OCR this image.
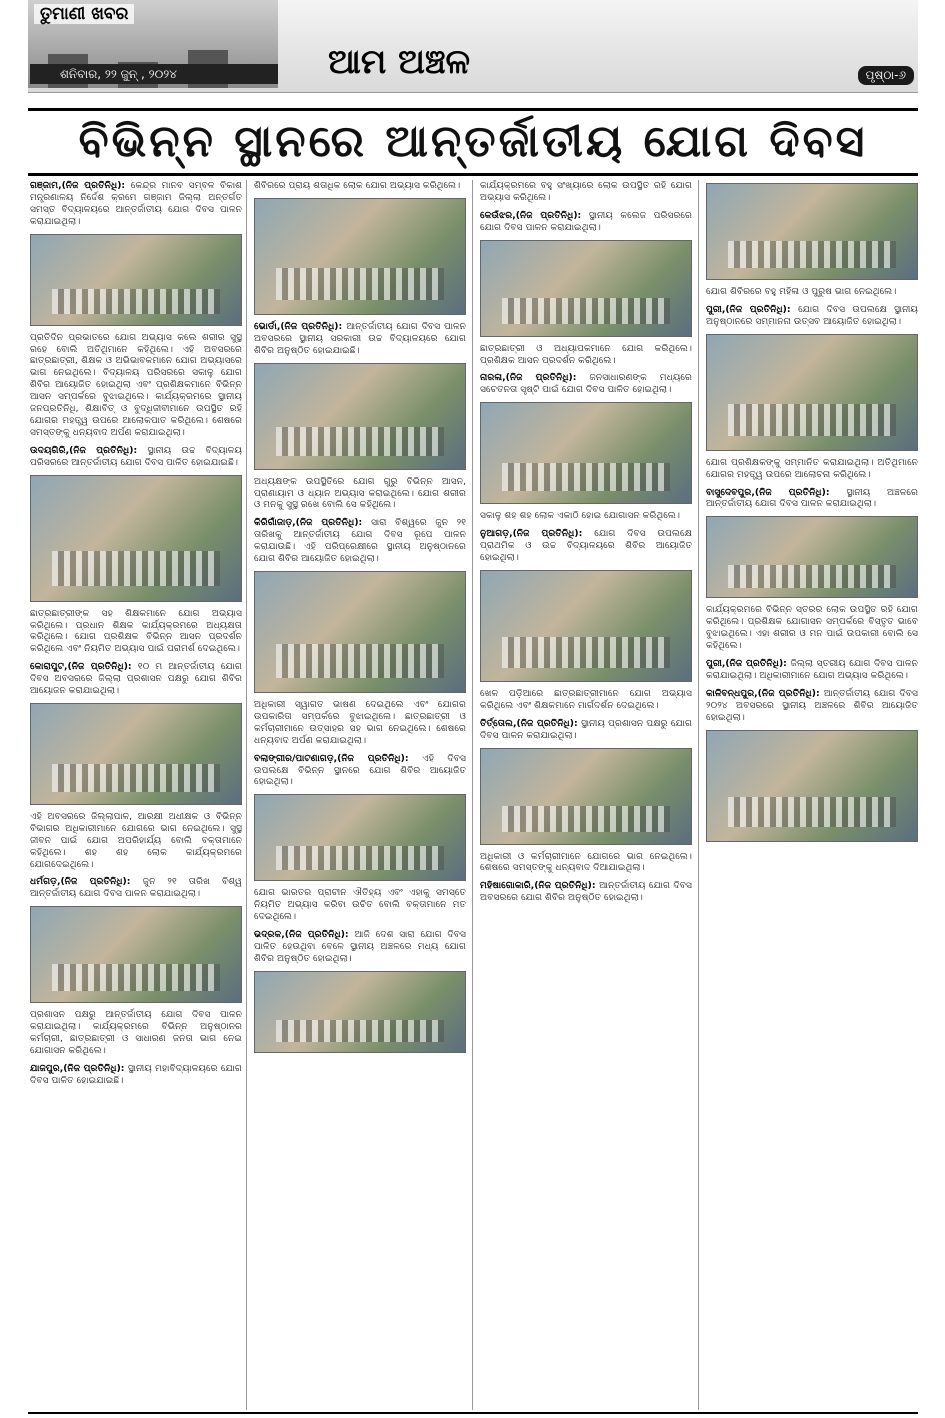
ତୁମାଣୀ ଖବର
ଶନିବାର, ୨୨ ଜୁନ୍ , ୨୦୨୪	ଆମ ଅଞ୍ଚଳ	ପୃଷ୍ଠା-୬
ବିଭିନ୍ନ ସ୍ଥାନରେ ଆନ୍ତର୍ଜାତୀୟ ଯୋଗ ଦିବସ

ଗଞ୍ଜାମ,(ନିଜ ପ୍ରତିନିଧି): କେନ୍ଦ୍ର ମାନବ ସମ୍ବଳ ବିକାଶ ମନ୍ତ୍ରଣାଳୟ ନିର୍ଦ୍ଦେଶ କ୍ରମେ ଗଞ୍ଜାମ ଜିଲ୍ଲା ଅନ୍ତର୍ଗତ ସମସ୍ତ ବିଦ୍ୟାଳୟରେ ଆନ୍ତର୍ଜାତୀୟ ଯୋଗ ଦିବସ ପାଳନ କରାଯାଇଥିଲା।

ପ୍ରତିଦିନ ପ୍ରଭାତରେ ଯୋଗ ଅଭ୍ୟାସ କଲେ ଶରୀର ସୁସ୍ଥ ରହେ ବୋଲି ଅତିଥିମାନେ କହିଥିଲେ। ଏହି ଅବସରରେ ଛାତ୍ରଛାତ୍ରୀ, ଶିକ୍ଷକ ଓ ଅଭିଭାବକମାନେ ଯୋଗ ଅଭ୍ୟାସରେ ଭାଗ ନେଇଥିଲେ। ବିଦ୍ୟାଳୟ ପରିସରରେ ସକାଳୁ ଯୋଗ ଶିବିର ଆୟୋଜିତ ହୋଇଥିଲା ଏବଂ ପ୍ରଶିକ୍ଷକମାନେ ବିଭିନ୍ନ ଆସନ ସମ୍ପର୍କରେ ବୁଝାଇଥିଲେ। କାର୍ଯ୍ୟକ୍ରମରେ ସ୍ଥାନୀୟ ଜନପ୍ରତିନିଧି, ଶିକ୍ଷାବିତ୍ ଓ ବୁଦ୍ଧିଜୀବୀମାନେ ଉପସ୍ଥିତ ରହି ଯୋଗର ମହତ୍ତ୍ୱ ଉପରେ ଆଲୋକପାତ କରିଥିଲେ। ଶେଷରେ ସମସ୍ତଙ୍କୁ ଧନ୍ୟବାଦ ଅର୍ପଣ କରାଯାଇଥିଲା।

ଉଦୟଗିରି,(ନିଜ ପ୍ରତିନିଧି): ସ୍ଥାନୀୟ ଉଚ୍ଚ ବିଦ୍ୟାଳୟ ପରିସରରେ ଆନ୍ତର୍ଜାତୀୟ ଯୋଗ ଦିବସ ପାଳିତ ହୋଇଯାଇଛି।

ଛାତ୍ରଛାତ୍ରୀଙ୍କ ସହ ଶିକ୍ଷକମାନେ ଯୋଗ ଅଭ୍ୟାସ କରିଥିଲେ। ପ୍ରଧାନ ଶିକ୍ଷକ କାର୍ଯ୍ୟକ୍ରମରେ ଅଧ୍ୟକ୍ଷତା କରିଥିଲେ। ଯୋଗ ପ୍ରଶିକ୍ଷକ ବିଭିନ୍ନ ଆସନ ପ୍ରଦର୍ଶନ କରିଥିଲେ ଏବଂ ନିୟମିତ ଅଭ୍ୟାସ ପାଇଁ ପରାମର୍ଶ ଦେଇଥିଲେ।

କୋରାପୁଟ,(ନିଜ ପ୍ରତିନିଧି): ୧୦ ମ ଆନ୍ତର୍ଜାତୀୟ ଯୋଗ ଦିବସ ଅବସରରେ ଜିଲ୍ଲା ପ୍ରଶାସନ ପକ୍ଷରୁ ଯୋଗ ଶିବିର ଆୟୋଜନ କରାଯାଇଥିଲା।

ଏହି ଅବସରରେ ଜିଲ୍ଲାପାଳ, ଆରକ୍ଷୀ ଅଧୀକ୍ଷକ ଓ ବିଭିନ୍ନ ବିଭାଗର ଅଧିକାରୀମାନେ ଯୋଗରେ ଭାଗ ନେଇଥିଲେ। ସୁସ୍ଥ ଜୀବନ ପାଇଁ ଯୋଗ ଅପରିହାର୍ଯ୍ୟ ବୋଲି ବକ୍ତାମାନେ କହିଥିଲେ। ଶହ ଶହ ଲୋକ କାର୍ଯ୍ୟକ୍ରମରେ ଯୋଗଦେଇଥିଲେ।

ଧର୍ମଗଡ଼,(ନିଜ ପ୍ରତିନିଧି): ଜୁନ ୨୧ ତାରିଖ ବିଶ୍ୱ ଆନ୍ତର୍ଜାତୀୟ ଯୋଗ ଦିବସ ପାଳନ କରାଯାଇଥିଲା।

ପ୍ରଶାସନ ପକ୍ଷରୁ ଆନ୍ତର୍ଜାତୀୟ ଯୋଗ ଦିବସ ପାଳନ କରାଯାଇଥିଲା। କାର୍ଯ୍ୟକ୍ରମରେ ବିଭିନ୍ନ ଅନୁଷ୍ଠାନର କର୍ମଚାରୀ, ଛାତ୍ରଛାତ୍ରୀ ଓ ସାଧାରଣ ଜନତା ଭାଗ ନେଇ ଯୋଗାସନ କରିଥିଲେ।

ଯାଜପୁର,(ନିଜ ପ୍ରତିନିଧି): ସ୍ଥାନୀୟ ମହାବିଦ୍ୟାଳୟରେ ଯୋଗ ଦିବସ ପାଳିତ ହୋଇଯାଇଛି।

ଶିବିରରେ ପ୍ରାୟ ଶତାଧିକ ଲୋକ ଯୋଗ ଅଭ୍ୟାସ କରିଥିଲେ।

ଭୋର୍ଡା,(ନିଜ ପ୍ରତିନିଧି): ଆନ୍ତର୍ଜାତୀୟ ଯୋଗ ଦିବସ ପାଳନ ଅବସରରେ ସ୍ଥାନୀୟ ସରକାରୀ ଉଚ୍ଚ ବିଦ୍ୟାଳୟରେ ଯୋଗ ଶିବିର ଅନୁଷ୍ଠିତ ହୋଇଯାଇଛି।

ଅଧ୍ୟକ୍ଷଙ୍କ ଉପସ୍ଥିତିରେ ଯୋଗ ଗୁରୁ ବିଭିନ୍ନ ଆସନ, ପ୍ରାଣାୟାମ ଓ ଧ୍ୟାନ ଅଭ୍ୟାସ କରାଇଥିଲେ। ଯୋଗ ଶରୀର ଓ ମନକୁ ସୁସ୍ଥ ରଖେ ବୋଲି ସେ କହିଥିଲେ।

କିରିଗାଁଜାଡ଼,(ନିଜ ପ୍ରତିନିଧି): ସାରା ବିଶ୍ୱରେ ଜୁନ ୨୧ ତାରିଖକୁ ଆନ୍ତର୍ଜାତୀୟ ଯୋଗ ଦିବସ ରୂପେ ପାଳନ କରାଯାଉଛି। ଏହି ପରିପ୍ରେକ୍ଷୀରେ ସ୍ଥାନୀୟ ଅନୁଷ୍ଠାନରେ ଯୋଗ ଶିବିର ଆୟୋଜିତ ହୋଇଥିଲା।

ଅଧିକାରୀ ସ୍ୱାଗତ ଭାଷଣ ଦେଇଥିଲେ ଏବଂ ଯୋଗର ଉପକାରିତା ସମ୍ପର୍କରେ ବୁଝାଇଥିଲେ। ଛାତ୍ରଛାତ୍ରୀ ଓ କର୍ମଚାରୀମାନେ ଉତ୍ସାହର ସହ ଭାଗ ନେଇଥିଲେ। ଶେଷରେ ଧନ୍ୟବାଦ ଅର୍ପଣ କରାଯାଇଥିଲା।

ବଲାଙ୍ଗୀର/ପାଟଣାଗଡ଼,(ନିଜ ପ୍ରତିନିଧି): ଏହି ଦିବସ ଉପଲକ୍ଷେ ବିଭିନ୍ନ ସ୍ଥାନରେ ଯୋଗ ଶିବିର ଆୟୋଜିତ ହୋଇଥିଲା।

ଯୋଗ ଭାରତର ପ୍ରାଚୀନ ଐତିହ୍ୟ ଏବଂ ଏହାକୁ ସମସ୍ତେ ନିୟମିତ ଅଭ୍ୟାସ କରିବା ଉଚିତ ବୋଲି ବକ୍ତାମାନେ ମତ ଦେଇଥିଲେ।

ଭଦ୍ରକ,(ନିଜ ପ୍ରତିନିଧି): ଆଜି ଦେଶ ସାରା ଯୋଗ ଦିବସ ପାଳିତ ହେଉଥିବା ବେଳେ ସ୍ଥାନୀୟ ଅଞ୍ଚଳରେ ମଧ୍ୟ ଯୋଗ ଶିବିର ଅନୁଷ୍ଠିତ ହୋଇଥିଲା।

କାର୍ଯ୍ୟକ୍ରମରେ ବହୁ ସଂଖ୍ୟାରେ ଲୋକ ଉପସ୍ଥିତ ରହି ଯୋଗ ଅଭ୍ୟାସ କରିଥିଲେ।

କେଉଁଝର,(ନିଜ ପ୍ରତିନିଧି): ସ୍ଥାନୀୟ କଲେଜ ପରିସରରେ ଯୋଗ ଦିବସ ପାଳନ କରାଯାଇଥିଲା।

ଛାତ୍ରଛାତ୍ରୀ ଓ ଅଧ୍ୟାପକମାନେ ଯୋଗ କରିଥିଲେ। ପ୍ରଶିକ୍ଷକ ଆସନ ପ୍ରଦର୍ଶନ କରିଥିଲେ।

ନାରଳା,(ନିଜ ପ୍ରତିନିଧି): ଜନସାଧାରଣଙ୍କ ମଧ୍ୟରେ ସଚେତନତା ସୃଷ୍ଟି ପାଇଁ ଯୋଗ ଦିବସ ପାଳିତ ହୋଇଥିଲା।

ସକାଳୁ ଶହ ଶହ ଲୋକ ଏକାଠି ହୋଇ ଯୋଗାସନ କରିଥିଲେ।

ନୁଆଗଡ଼,(ନିଜ ପ୍ରତିନିଧି): ଯୋଗ ଦିବସ ଉପଲକ୍ଷେ ପ୍ରାଥମିକ ଓ ଉଚ୍ଚ ବିଦ୍ୟାଳୟରେ ଶିବିର ଆୟୋଜିତ ହୋଇଥିଲା।

ଖେଳ ପଡ଼ିଆରେ ଛାତ୍ରଛାତ୍ରୀମାନେ ଯୋଗ ଅଭ୍ୟାସ କରିଥିଲେ ଏବଂ ଶିକ୍ଷକମାନେ ମାର୍ଗଦର୍ଶନ ଦେଇଥିଲେ।

ତିର୍ତ୍ତୋଲ,(ନିଜ ପ୍ରତିନିଧି): ସ୍ଥାନୀୟ ପ୍ରଶାସନ ପକ୍ଷରୁ ଯୋଗ ଦିବସ ପାଳନ କରାଯାଇଥିଲା।

ଅଧିକାରୀ ଓ କର୍ମଚାରୀମାନେ ଯୋଗରେ ଭାଗ ନେଇଥିଲେ। ଶେଷରେ ସମସ୍ତଙ୍କୁ ଧନ୍ୟବାଦ ଦିଆଯାଇଥିଲା।

ମହିଷାଗୋକାରି,(ନିଜ ପ୍ରତିନିଧି): ଆନ୍ତର୍ଜାତୀୟ ଯୋଗ ଦିବସ ଅବସରରେ ଯୋଗ ଶିବିର ଅନୁଷ୍ଠିତ ହୋଇଥିଲା।

ଯୋଗ ଶିବିରରେ ବହୁ ମହିଳା ଓ ପୁରୁଷ ଭାଗ ନେଇଥିଲେ।

ପୁରୀ,(ନିଜ ପ୍ରତିନିଧି): ଯୋଗ ଦିବସ ଉପଲକ୍ଷେ ସ୍ଥାନୀୟ ଅନୁଷ୍ଠାନରେ ସମ୍ମାନନା ଉତ୍ସବ ଆୟୋଜିତ ହୋଇଥିଲା।

ଯୋଗ ପ୍ରଶିକ୍ଷକଙ୍କୁ ସମ୍ମାନିତ କରାଯାଇଥିଲା। ଅତିଥିମାନେ ଯୋଗର ମହତ୍ତ୍ୱ ଉପରେ ଆଲୋଚନା କରିଥିଲେ।

ବାସୁଦେବପୁର,(ନିଜ ପ୍ରତିନିଧି): ସ୍ଥାନୀୟ ଅଞ୍ଚଳରେ ଆନ୍ତର୍ଜାତୀୟ ଯୋଗ ଦିବସ ପାଳନ କରାଯାଇଥିଲା।

କାର୍ଯ୍ୟକ୍ରମରେ ବିଭିନ୍ନ ସ୍ତରର ଲୋକ ଉପସ୍ଥିତ ରହି ଯୋଗ କରିଥିଲେ। ପ୍ରଶିକ୍ଷକ ଯୋଗାସନ ସମ୍ପର୍କରେ ବିସ୍ତୃତ ଭାବେ ବୁଝାଇଥିଲେ। ଏହା ଶରୀର ଓ ମନ ପାଇଁ ଉପକାରୀ ବୋଲି ସେ କହିଥିଲେ।

ପୁରୀ,(ନିଜ ପ୍ରତିନିଧି): ଜିଲ୍ଲା ସ୍ତରୀୟ ଯୋଗ ଦିବସ ପାଳନ କରାଯାଇଥିଲା। ଅଧିକାରୀମାନେ ଯୋଗ ଅଭ୍ୟାସ କରିଥିଲେ।

କାଳିବନ୍ଧପୁର,(ନିଜ ପ୍ରତିନିଧି): ଆନ୍ତର୍ଜାତୀୟ ଯୋଗ ଦିବସ ୨୦୨୪ ଅବସରରେ ସ୍ଥାନୀୟ ଅଞ୍ଚଳରେ ଶିବିର ଆୟୋଜିତ ହୋଇଥିଲା।
